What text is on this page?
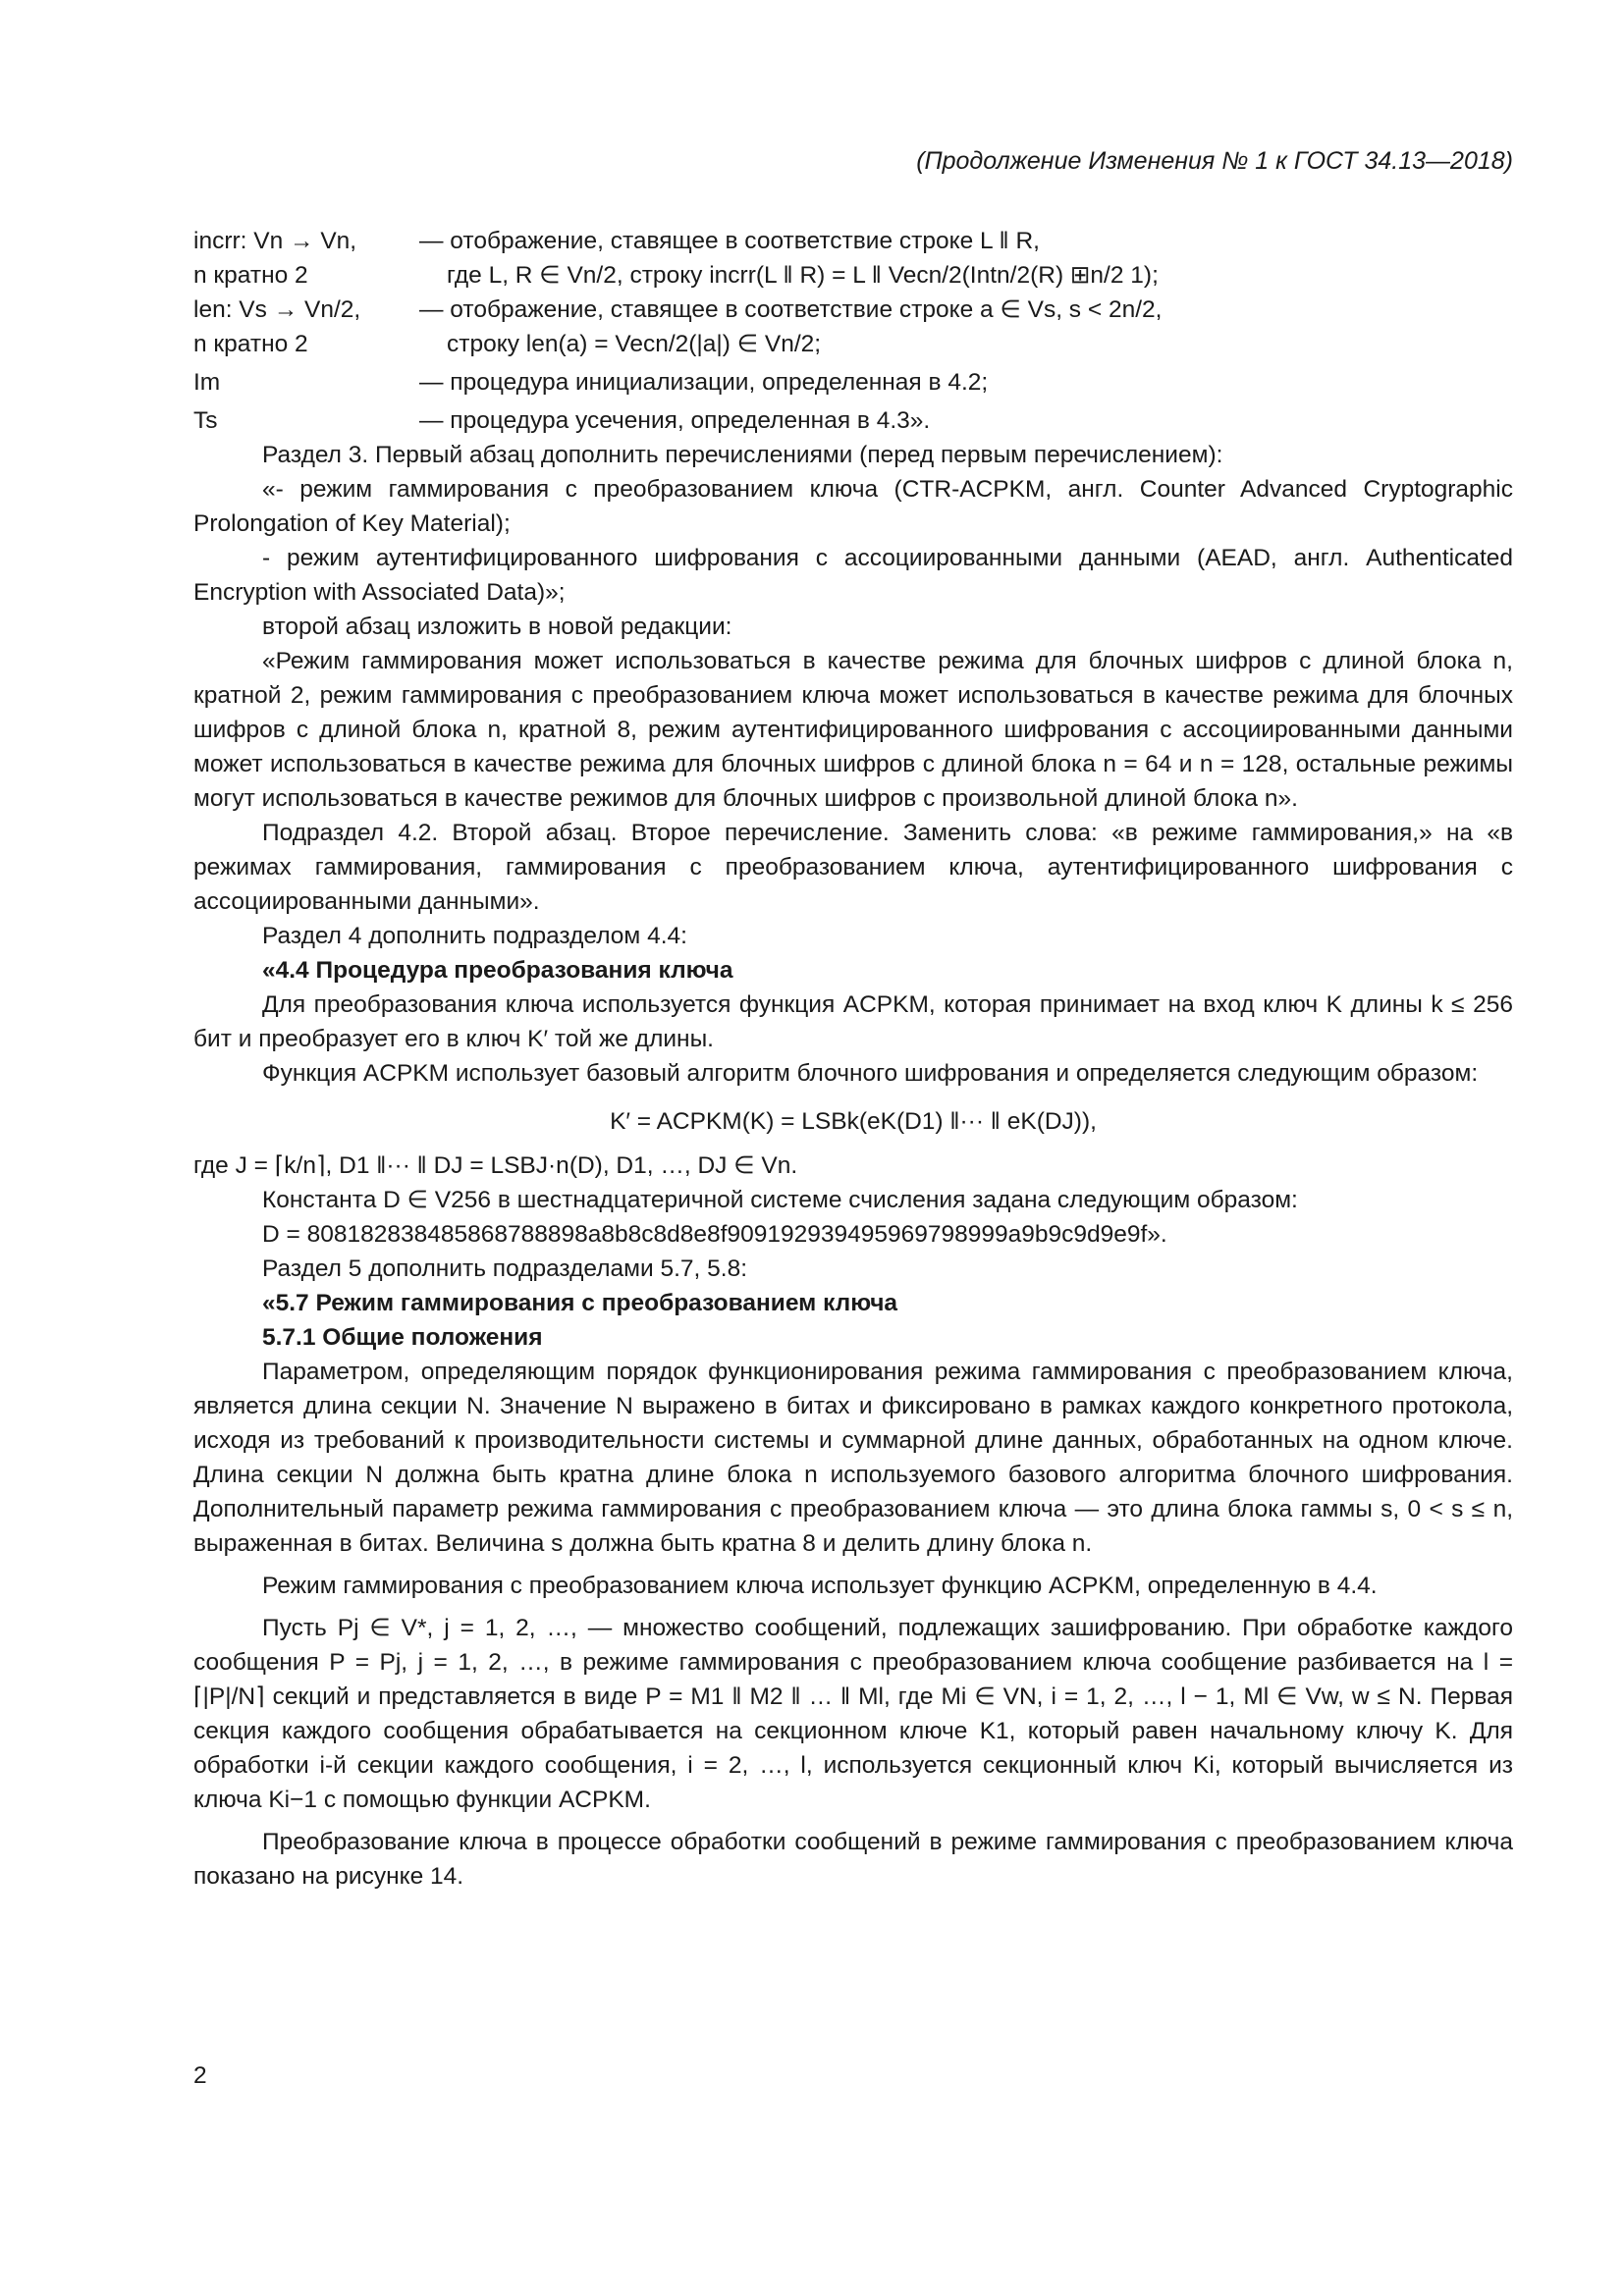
(Продолжение Изменения № 1 к ГОСТ 34.13—2018)
incrr: Vn → Vn,
n кратно 2
— отображение, ставящее в соответствие строке L ‖ R,
где L, R ∈ Vn/2, строку incrr(L ‖ R) = L ‖ Vecn/2(Intn/2(R) ⊞n/2 1);
len: Vs → Vn/2,
n кратно 2
— отображение, ставящее в соответствие строке a ∈ Vs, s < 2n/2,
строку len(a) = Vecn/2(|a|) ∈ Vn/2;
Im	— процедура инициализации, определенная в 4.2;
Ts	— процедура усечения, определенная в 4.3».

Раздел 3. Первый абзац дополнить перечислениями (перед первым перечислением):

«- режим гаммирования с преобразованием ключа (CTR-ACPKM, англ. Counter Advanced Cryptographic Prolongation of Key Material);

- режим аутентифицированного шифрования с ассоциированными данными (AEAD, англ. Authenticated Encryption with Associated Data)»;

второй абзац изложить в новой редакции:

«Режим гаммирования может использоваться в качестве режима для блочных шифров с длиной блока n, кратной 2, режим гаммирования с преобразованием ключа может использоваться в качестве режима для блочных шифров с длиной блока n, кратной 8, режим аутентифицированного шифрования с ассоциированными данными может использоваться в качестве режима для блочных шифров с длиной блока n = 64 и n = 128, остальные режимы могут использоваться в качестве режимов для блочных шифров с произвольной длиной блока n».

Подраздел 4.2. Второй абзац. Второе перечисление. Заменить слова: «в режиме гаммирования,» на «в режимах гаммирования, гаммирования с преобразованием ключа, аутентифицированного шифрования с ассоциированными данными».

Раздел 4 дополнить подразделом 4.4:

«4.4 Процедура преобразования ключа

Для преобразования ключа используется функция ACPKM, которая принимает на вход ключ K длины k ≤ 256 бит и преобразует его в ключ K′ той же длины.

Функция ACPKM использует базовый алгоритм блочного шифрования и определяется следующим образом:

K′ = ACPKM(K) = LSBk(eK(D1) ‖··· ‖ eK(DJ)),

где J = ⌈k/n⌉, D1 ‖··· ‖ DJ = LSBJ·n(D), D1, …, DJ ∈ Vn.

Константа D ∈ V256 в шестнадцатеричной системе счисления задана следующим образом:

D = 808182838485868788898a8b8c8d8e8f909192939495969798999a9b9c9d9e9f».

Раздел 5 дополнить подразделами 5.7, 5.8:

«5.7 Режим гаммирования с преобразованием ключа

5.7.1 Общие положения

Параметром, определяющим порядок функционирования режима гаммирования с преобразованием ключа, является длина секции N. Значение N выражено в битах и фиксировано в рамках каждого конкретного протокола, исходя из требований к производительности системы и суммарной длине данных, обработанных на одном ключе. Длина секции N должна быть кратна длине блока n используемого базового алгоритма блочного шифрования. Дополнительный параметр режима гаммирования с преобразованием ключа — это длина блока гаммы s, 0 < s ≤ n, выраженная в битах. Величина s должна быть кратна 8 и делить длину блока n.

Режим гаммирования с преобразованием ключа использует функцию ACPKM, определенную в 4.4.

Пусть Pj ∈ V*, j = 1, 2, …, — множество сообщений, подлежащих зашифрованию. При обработке каждого сообщения P = Pj, j = 1, 2, …, в режиме гаммирования с преобразованием ключа сообщение разбивается на l = ⌈|P|/N⌉ секций и представляется в виде P = M1 ‖ M2 ‖ … ‖ Ml, где Mi ∈ VN, i = 1, 2, …, l − 1, Ml ∈ Vw, w ≤ N. Первая секция каждого сообщения обрабатывается на секционном ключе K1, который равен начальному ключу K. Для обработки i-й секции каждого сообщения, i = 2, …, l, используется секционный ключ Ki, который вычисляется из ключа Ki−1 с помощью функции ACPKM.

Преобразование ключа в процессе обработки сообщений в режиме гаммирования с преобразованием ключа показано на рисунке 14.

2
